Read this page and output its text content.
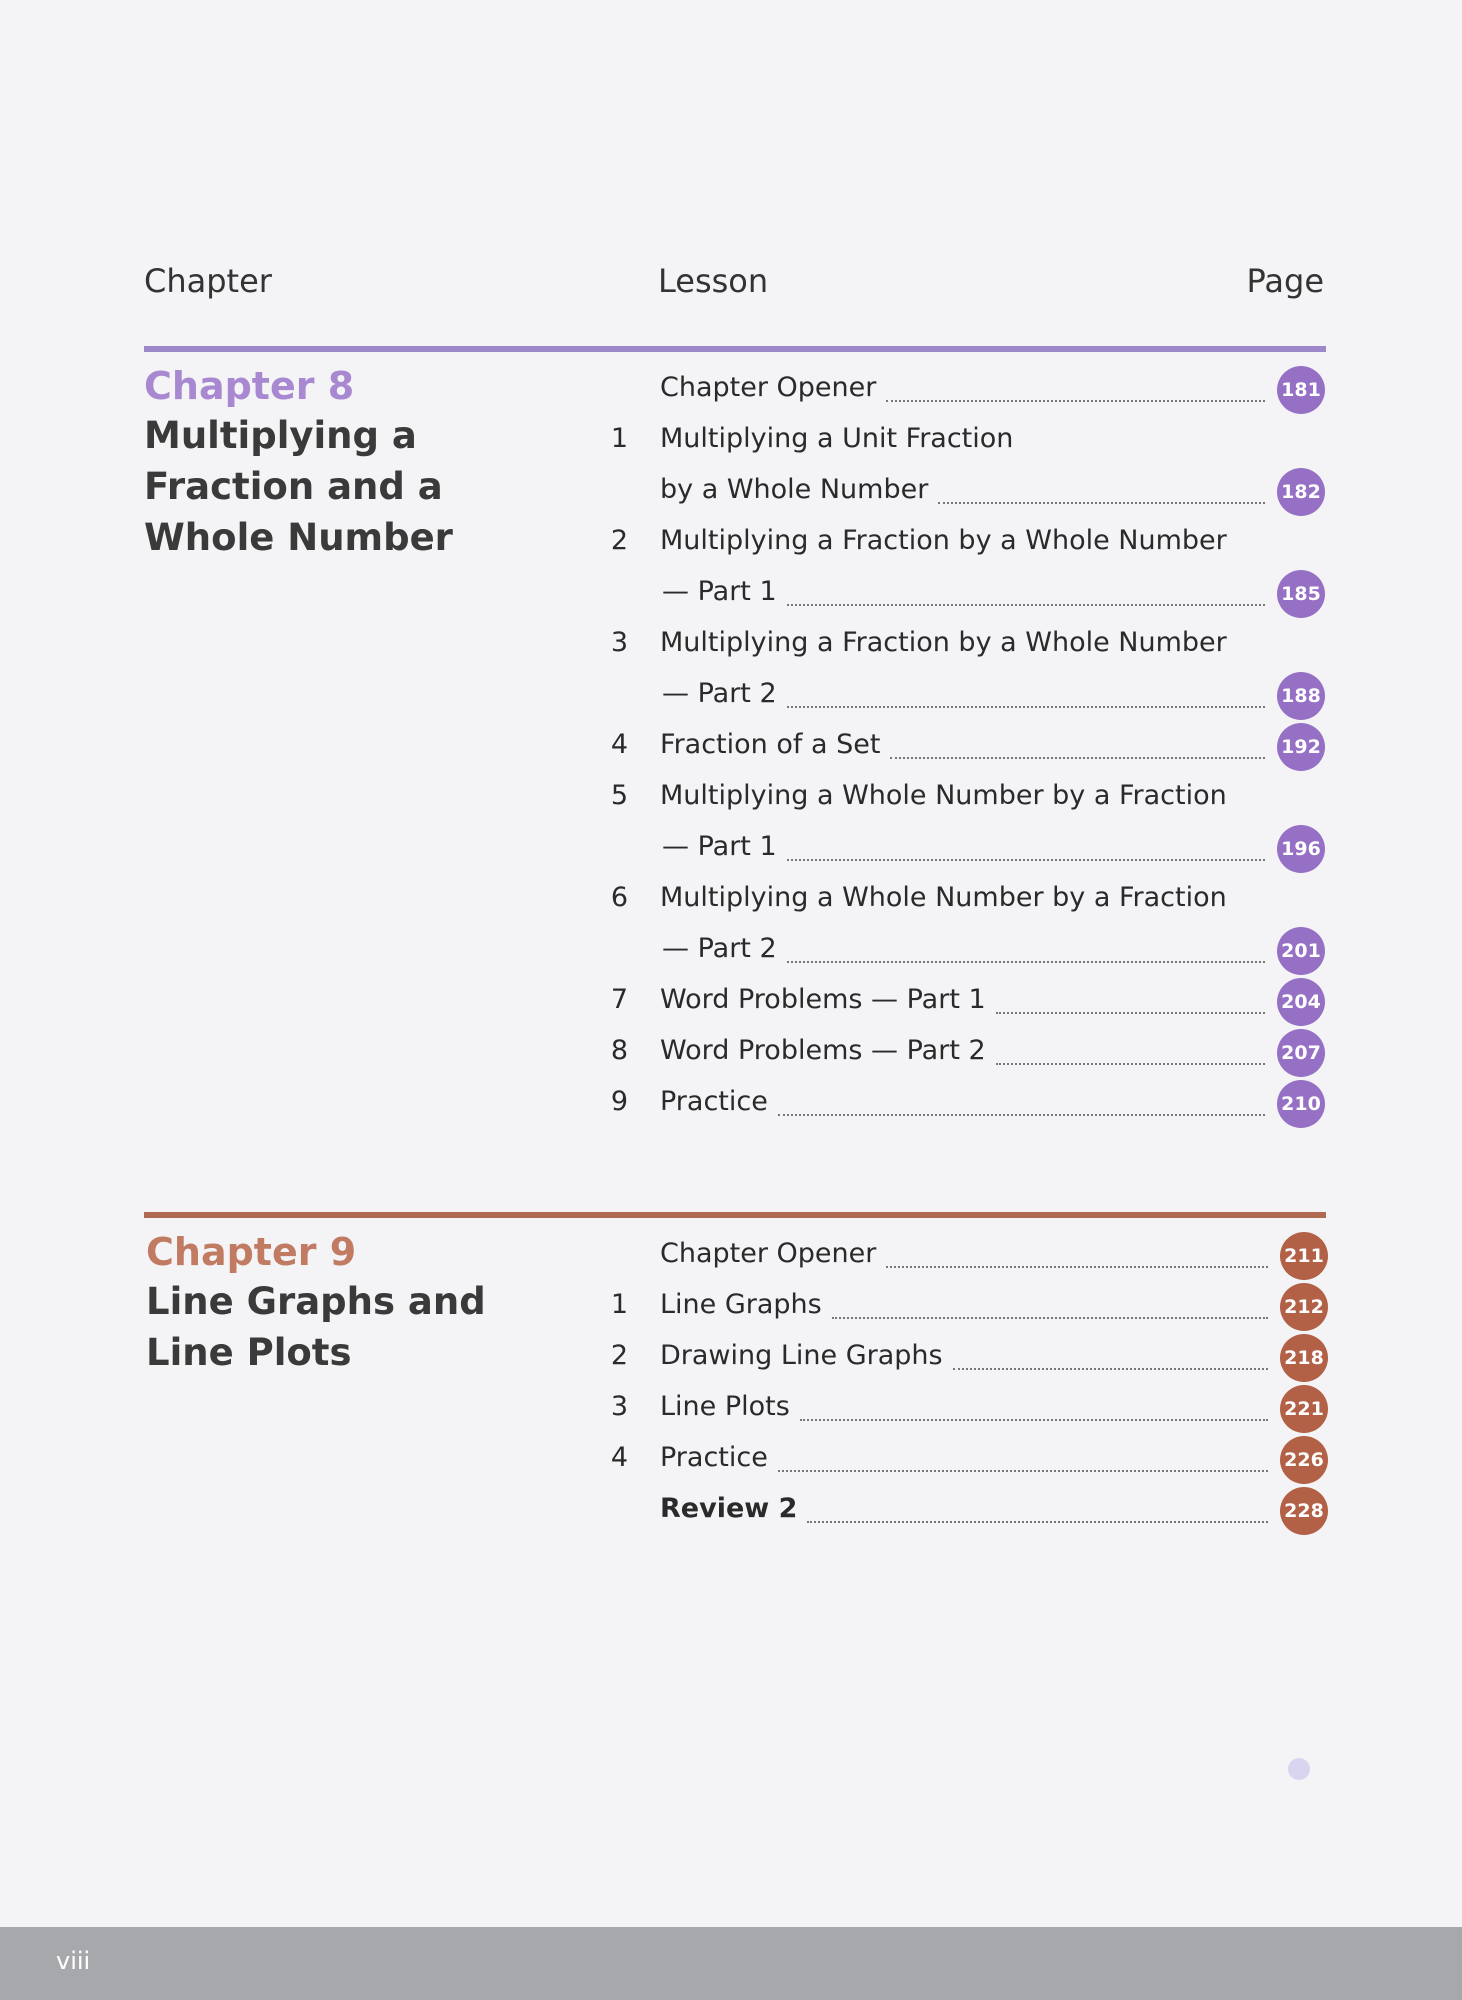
Chapter	Lesson	Page
Chapter 8
Multiplying a
Fraction and a
Whole Number
Chapter Opener	181
1 Multiplying a Unit Fraction
by a Whole Number	182
2 Multiplying a Fraction by a Whole Number
— Part 1	185
3 Multiplying a Fraction by a Whole Number
— Part 2	188
4 Fraction of a Set	192
5 Multiplying a Whole Number by a Fraction
— Part 1	196
6 Multiplying a Whole Number by a Fraction
— Part 2	201
7 Word Problems — Part 1	204
8 Word Problems — Part 2	207
9 Practice	210
Chapter 9
Line Graphs and
Line Plots
Chapter Opener	211
1 Line Graphs	212
2 Drawing Line Graphs	218
3 Line Plots	221
4 Practice	226
Review 2	228
viii
